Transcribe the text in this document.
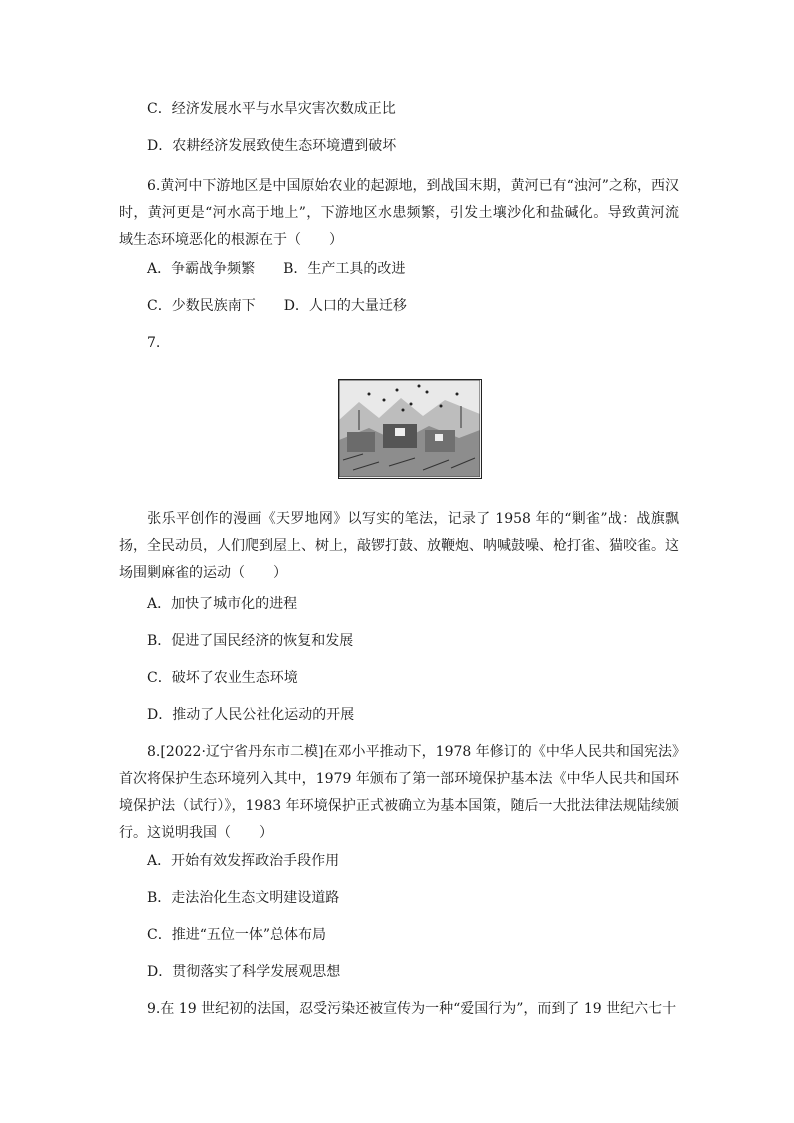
C．经济发展水平与水旱灾害次数成正比
D．农耕经济发展致使生态环境遭到破坏
6.黄河中下游地区是中国原始农业的起源地，到战国末期，黄河已有“浊河”之称，西汉时，黄河更是“河水高于地上”，下游地区水患频繁，引发土壤沙化和盐碱化。导致黄河流域生态环境恶化的根源在于（　　）
A．争霸战争频繁　　B．生产工具的改进
C．少数民族南下　　D．人口的大量迁移
7.
张乐平创作的漫画《天罗地网》以写实的笔法，记录了 1958 年的“剿雀”战：战旗飘扬，全民动员，人们爬到屋上、树上，敲锣打鼓、放鞭炮、呐喊鼓噪、枪打雀、猫咬雀。这场围剿麻雀的运动（　　）
A．加快了城市化的进程
B．促进了国民经济的恢复和发展
C．破坏了农业生态环境
D．推动了人民公社化运动的开展
8.[2022·辽宁省丹东市二模]在邓小平推动下，1978 年修订的《中华人民共和国宪法》首次将保护生态环境列入其中，1979 年颁布了第一部环境保护基本法《中华人民共和国环境保护法（试行）》，1983 年环境保护正式被确立为基本国策，随后一大批法律法规陆续颁行。这说明我国（　　）
A．开始有效发挥政治手段作用
B．走法治化生态文明建设道路
C．推进“五位一体”总体布局
D．贯彻落实了科学发展观思想
9.在 19 世纪初的法国，忍受污染还被宣传为一种“爱国行为”，而到了 19 世纪六七十
